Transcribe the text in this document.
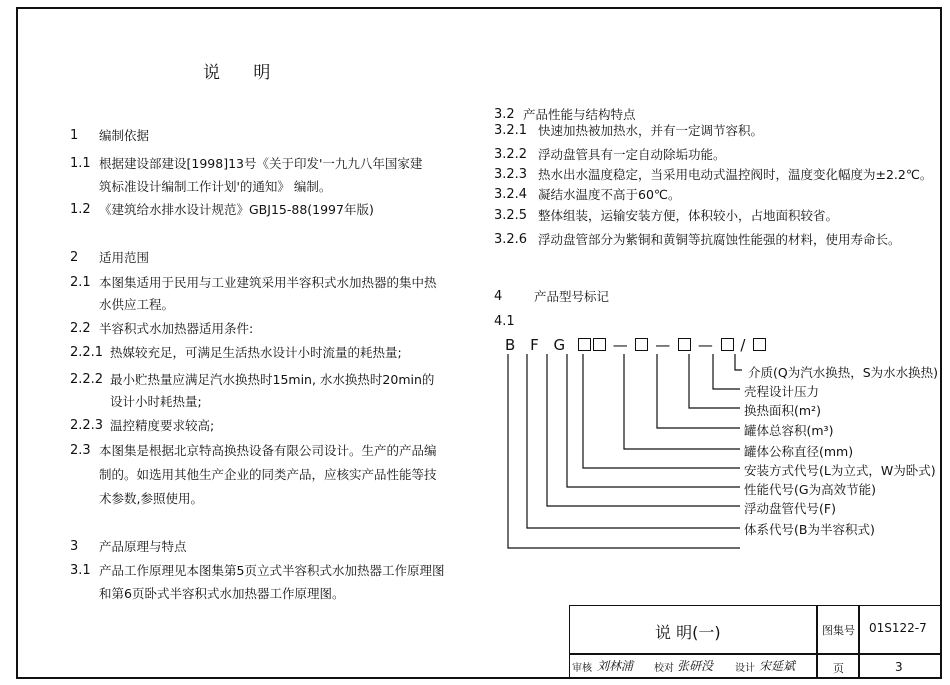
说 明
1 编制依据
1.1 根据建设部建设[1998]13号《关于印发'一九九八年国家建
筑标准设计编制工作计划'的通知》 编制。
1.2 《建筑给水排水设计规范》GBJ15-88(1997年版)
2 适用范围
2.1 本图集适用于民用与工业建筑采用半容积式水加热器的集中热
水供应工程。
2.2 半容积式水加热器适用条件:
2.2.1 热媒较充足，可满足生活热水设计小时流量的耗热量;
2.2.2 最小贮热量应满足汽水换热时15min, 水水换热时20min的
设计小时耗热量;
2.2.3 温控精度要求较高;
2.3 本图集是根据北京特高换热设备有限公司设计。生产的产品编
制的。如选用其他生产企业的同类产品，应核实产品性能等技
术参数,参照使用。
3 产品原理与特点
3.1 产品工作原理见本图集第5页立式半容积式水加热器工作原理图
和第6页卧式半容积式水加热器工作原理图。
3.2 产品性能与结构特点
3.2.1 快速加热被加热水，并有一定调节容积。
3.2.2 浮动盘管具有一定自动除垢功能。
3.2.3 热水出水温度稳定，当采用电动式温控阀时，温度变化幅度为±2.2℃。
3.2.4 凝结水温度不高于60℃。
3.2.5 整体组装，运输安装方便，体积较小，占地面积较省。
3.2.6 浮动盘管部分为紫铜和黄铜等抗腐蚀性能强的材料，使用寿命长。
4	产品型号标记
4.1
B F G	— — — /
介质(Q为汽水换热，S为水水换热)
壳程设计压力
换热面积(m²)
罐体总容积(m³)
罐体公称直径(mm)
安装方式代号(L为立式，W为卧式)
性能代号(G为高效节能)
浮动盘管代号(F)
体系代号(B为半容积式)
说 明(一)	图集号 01S122-7
审核 刘林浦 校对 张研没 设计 宋延斌	页	3
